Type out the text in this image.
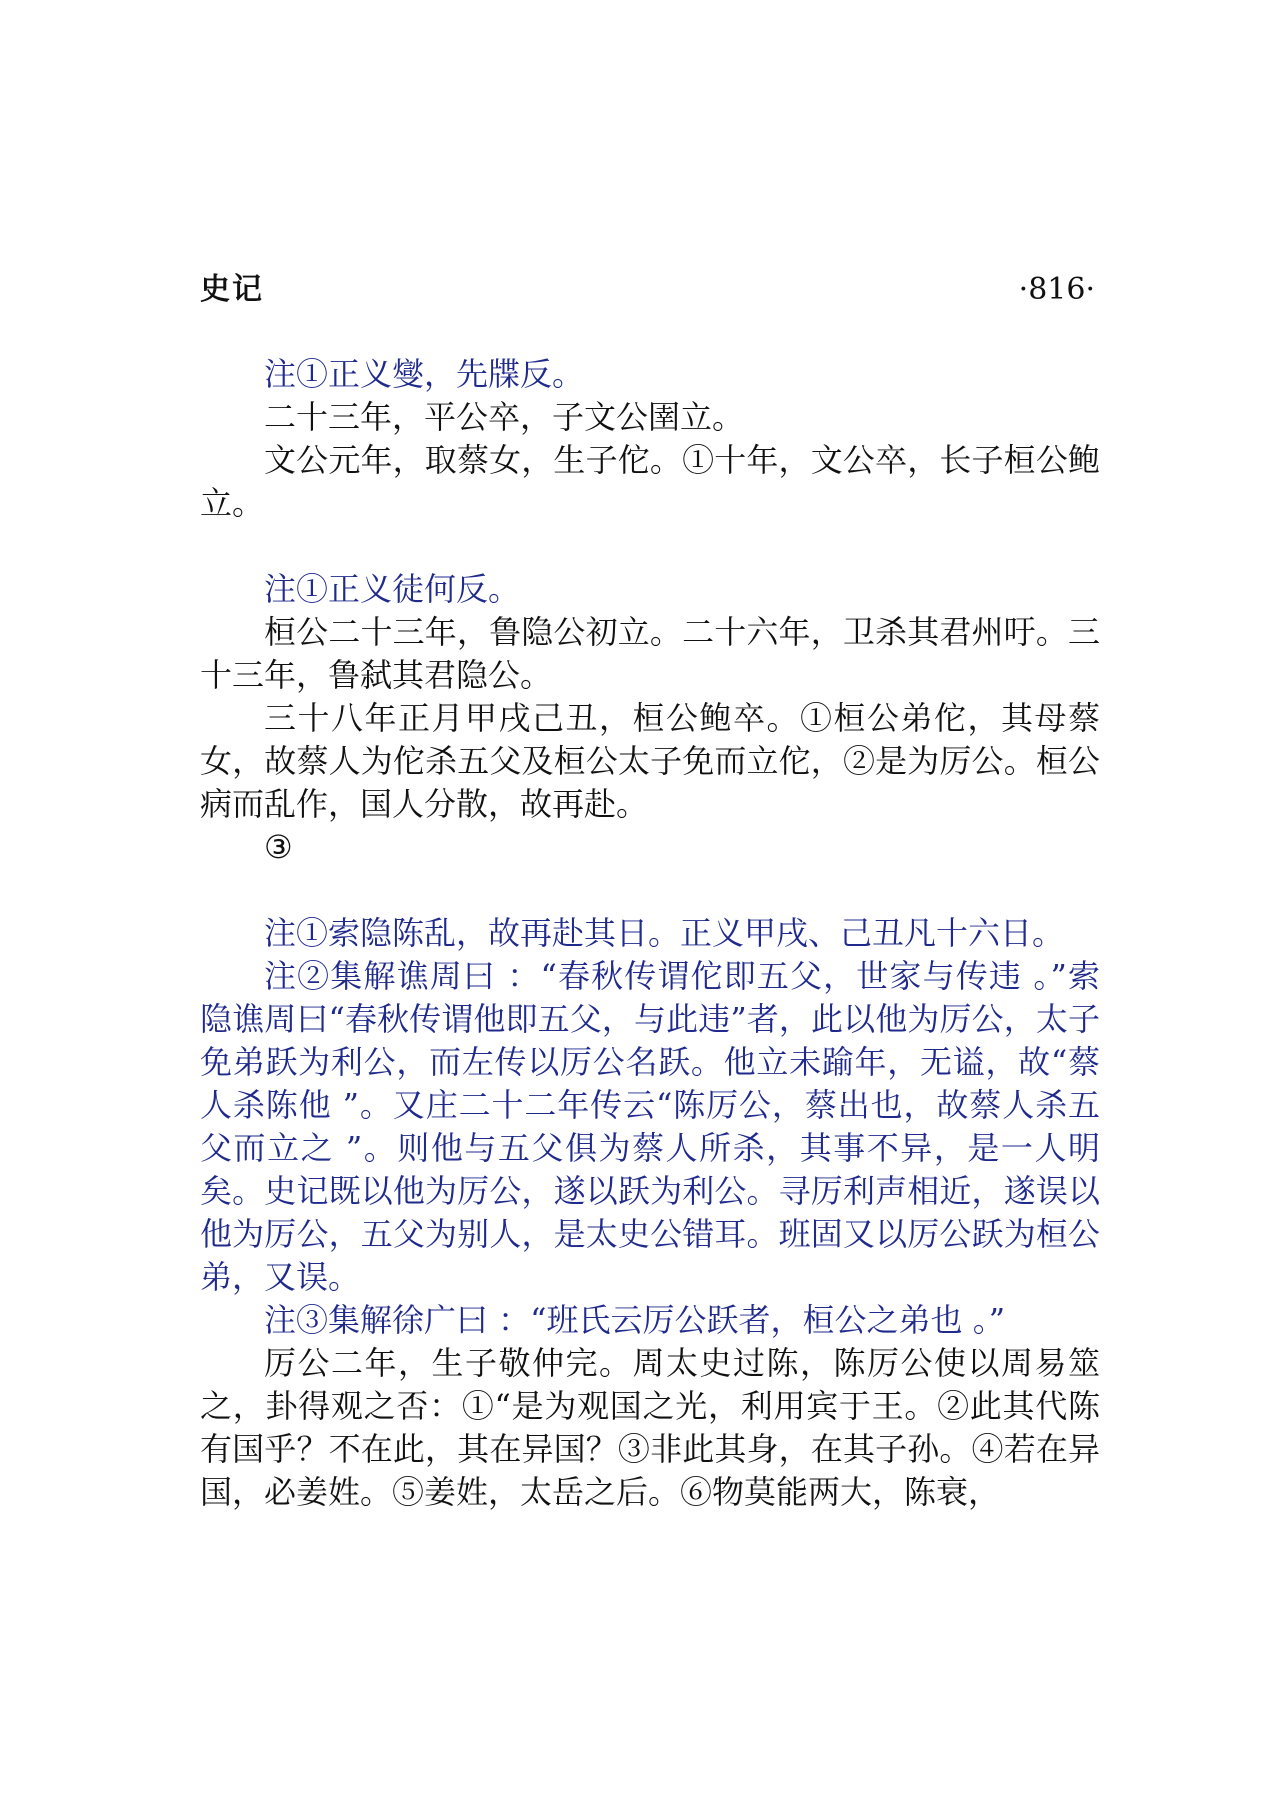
史记	·816·

注①正义燮，先牒反。

二十三年，平公卒，子文公圉立。

文公元年，取蔡女，生子佗。①十年，文公卒，长子桓公鲍立。

注①正义徒何反。

桓公二十三年，鲁隐公初立。二十六年，卫杀其君州吁。三十三年，鲁弑其君隐公。

三十八年正月甲戌己丑，桓公鲍卒。①桓公弟佗，其母蔡女，故蔡人为佗杀五父及桓公太子免而立佗，②是为厉公。桓公病而乱作，国人分散，故再赴。

③

注①索隐陈乱，故再赴其日。正义甲戌、己丑凡十六日。

注②集解谯周曰 ：“春秋传谓佗即五父，世家与传违 。”索隐谯周曰“春秋传谓他即五父，与此违”者，此以他为厉公，太子免弟跃为利公，而左传以厉公名跃。他立未踰年，无谥，故“蔡人杀陈他 ”。又庄二十二年传云“陈厉公，蔡出也，故蔡人杀五父而立之 ”。则他与五父俱为蔡人所杀，其事不异，是一人明矣。史记既以他为厉公，遂以跃为利公。寻厉利声相近，遂误以他为厉公，五父为别人，是太史公错耳。班固又以厉公跃为桓公弟，又误。

注③集解徐广曰 ：“班氏云厉公跃者，桓公之弟也 。”

厉公二年，生子敬仲完。周太史过陈，陈厉公使以周易筮之，卦得观之否：①“是为观国之光，利用宾于王。②此其代陈有国乎？不在此，其在异国？③非此其身，在其子孙。④若在异国，必姜姓。⑤姜姓，太岳之后。⑥物莫能两大，陈衰，
